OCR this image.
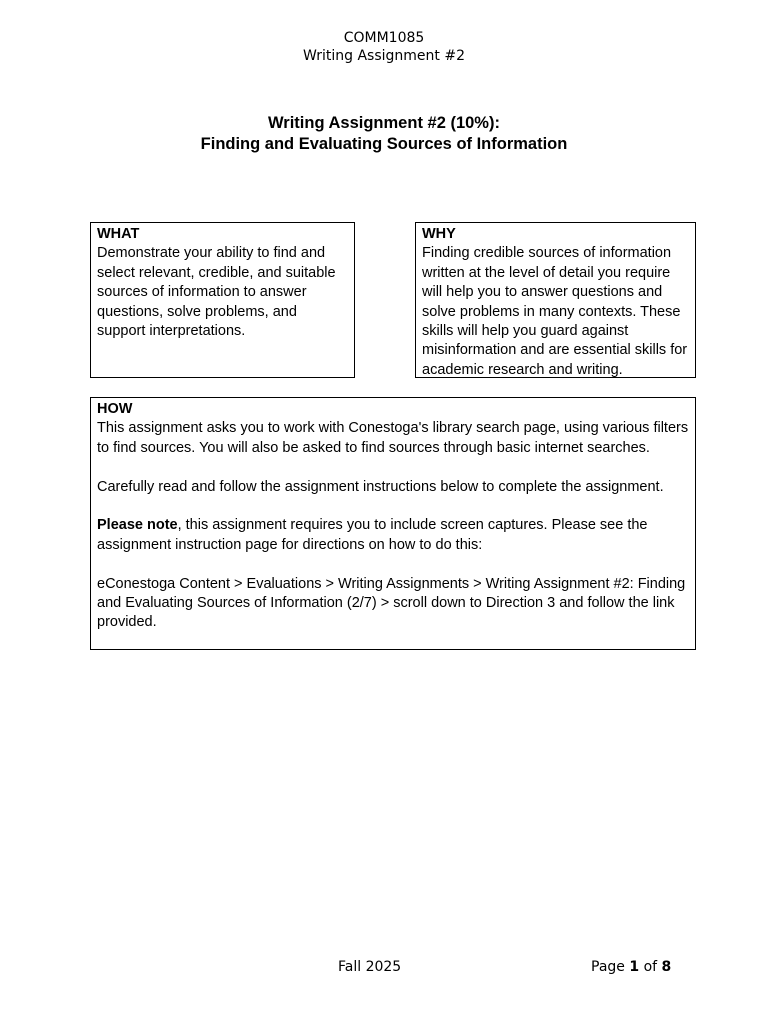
COMM1085
Writing Assignment #2
Writing Assignment #2 (10%):
Finding and Evaluating Sources of Information
WHAT

Demonstrate your ability to find and select relevant, credible, and suitable sources of information to answer questions, solve problems, and support interpretations.

WHY

Finding credible sources of information written at the level of detail you require will help you to answer questions and solve problems in many contexts. These skills will help you guard against misinformation and are essential skills for academic research and writing.

HOW

This assignment asks you to work with Conestoga's library search page, using various filters to find sources. You will also be asked to find sources through basic internet searches.

Carefully read and follow the assignment instructions below to complete the assignment.

Please note, this assignment requires you to include screen captures. Please see the assignment instruction page for directions on how to do this:

eConestoga Content > Evaluations > Writing Assignments > Writing Assignment #2: Finding and Evaluating Sources of Information (2/7) > scroll down to Direction 3 and follow the link provided.

Fall 2025	Page 1 of 8
